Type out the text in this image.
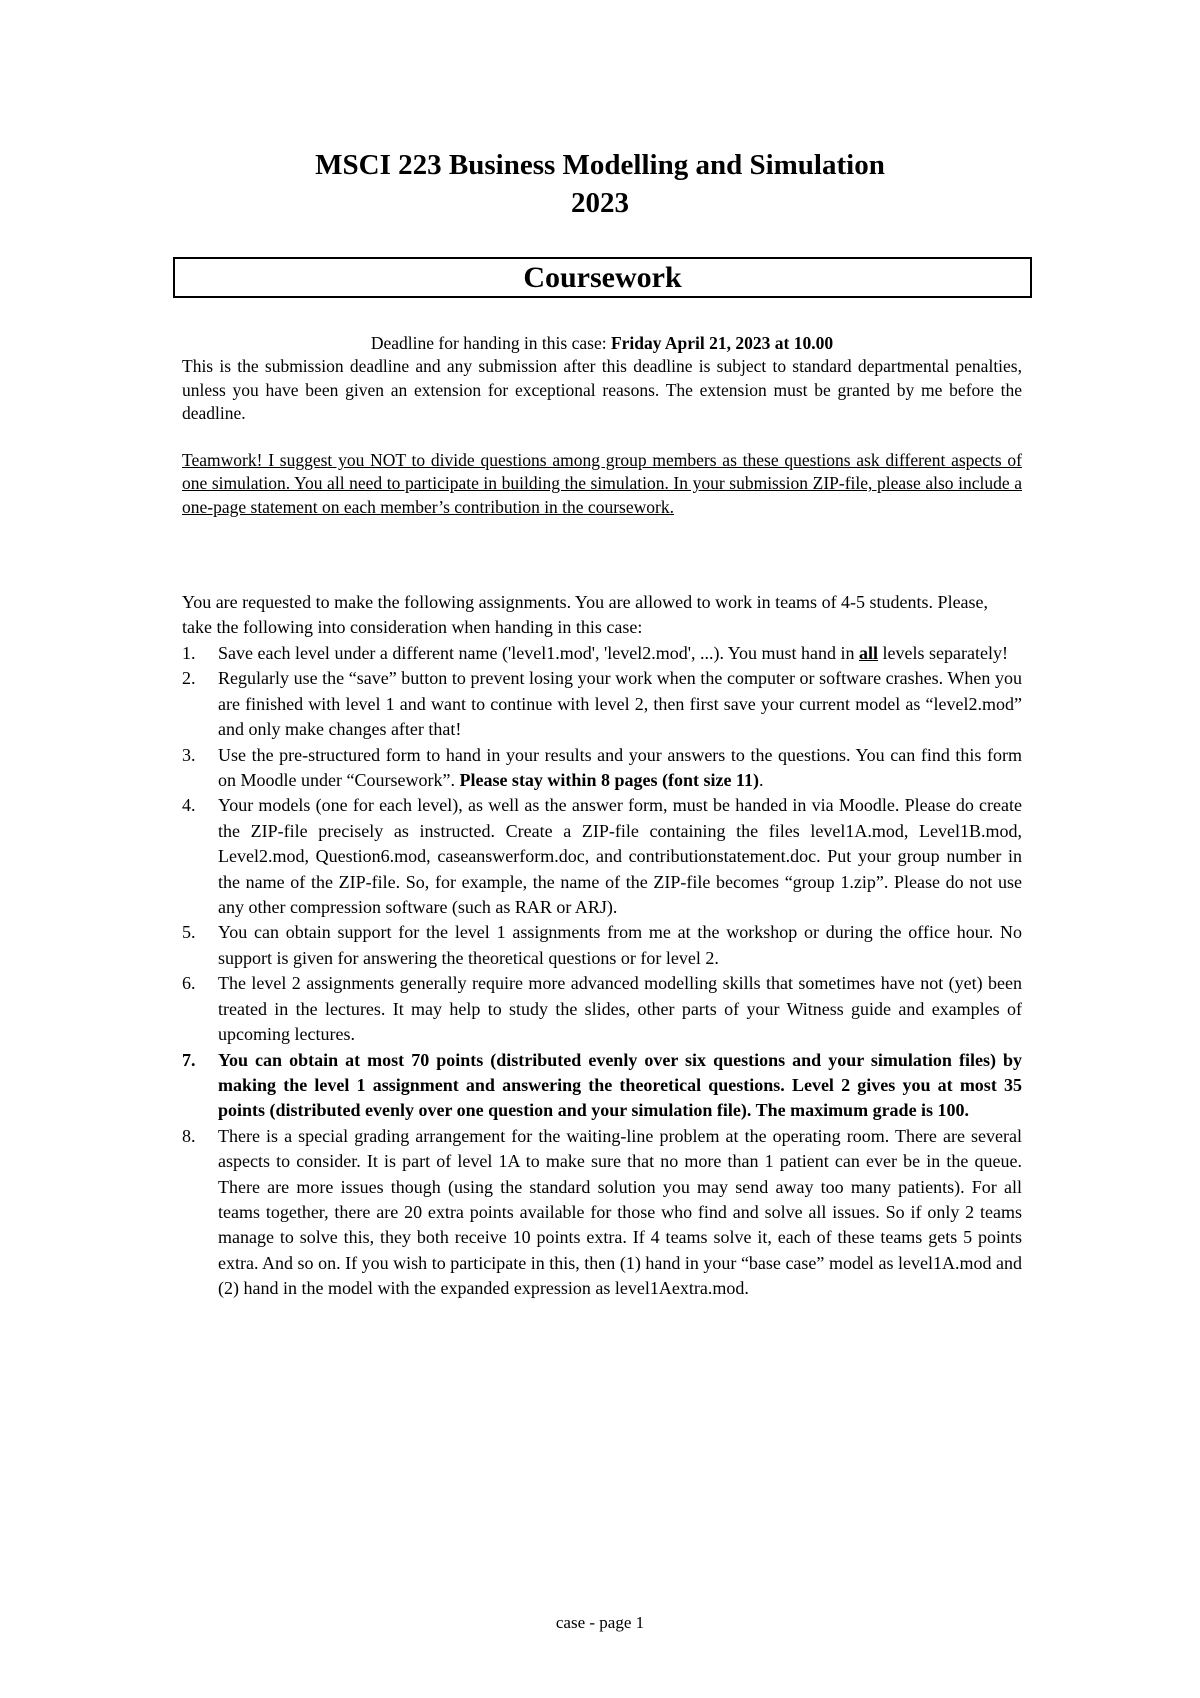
MSCI 223 Business Modelling and Simulation
2023
Coursework
Deadline for handing in this case: Friday April 21, 2023 at 10.00
This is the submission deadline and any submission after this deadline is subject to standard departmental penalties, unless you have been given an extension for exceptional reasons. The extension must be granted by me before the deadline.
Teamwork! I suggest you NOT to divide questions among group members as these questions ask different aspects of one simulation. You all need to participate in building the simulation. In your submission ZIP-file, please also include a one-page statement on each member’s contribution in the coursework.
You are requested to make the following assignments. You are allowed to work in teams of 4-5 students. Please, take the following into consideration when handing in this case:
1. Save each level under a different name ('level1.mod', 'level2.mod', ...). You must hand in all levels separately!
2. Regularly use the “save” button to prevent losing your work when the computer or software crashes. When you are finished with level 1 and want to continue with level 2, then first save your current model as “level2.mod” and only make changes after that!
3. Use the pre-structured form to hand in your results and your answers to the questions. You can find this form on Moodle under “Coursework”. Please stay within 8 pages (font size 11).
4. Your models (one for each level), as well as the answer form, must be handed in via Moodle. Please do create the ZIP-file precisely as instructed. Create a ZIP-file containing the files level1A.mod, Level1B.mod, Level2.mod, Question6.mod, caseanswerform.doc, and contributionstatement.doc. Put your group number in the name of the ZIP-file. So, for example, the name of the ZIP-file becomes “group 1.zip”. Please do not use any other compression software (such as RAR or ARJ).
5. You can obtain support for the level 1 assignments from me at the workshop or during the office hour. No support is given for answering the theoretical questions or for level 2.
6. The level 2 assignments generally require more advanced modelling skills that sometimes have not (yet) been treated in the lectures. It may help to study the slides, other parts of your Witness guide and examples of upcoming lectures.
7. You can obtain at most 70 points (distributed evenly over six questions and your simulation files) by making the level 1 assignment and answering the theoretical questions. Level 2 gives you at most 35 points (distributed evenly over one question and your simulation file). The maximum grade is 100.
8. There is a special grading arrangement for the waiting-line problem at the operating room. There are several aspects to consider. It is part of level 1A to make sure that no more than 1 patient can ever be in the queue. There are more issues though (using the standard solution you may send away too many patients). For all teams together, there are 20 extra points available for those who find and solve all issues. So if only 2 teams manage to solve this, they both receive 10 points extra. If 4 teams solve it, each of these teams gets 5 points extra. And so on. If you wish to participate in this, then (1) hand in your “base case” model as level1A.mod and (2) hand in the model with the expanded expression as level1Aextra.mod.
case - page 1
